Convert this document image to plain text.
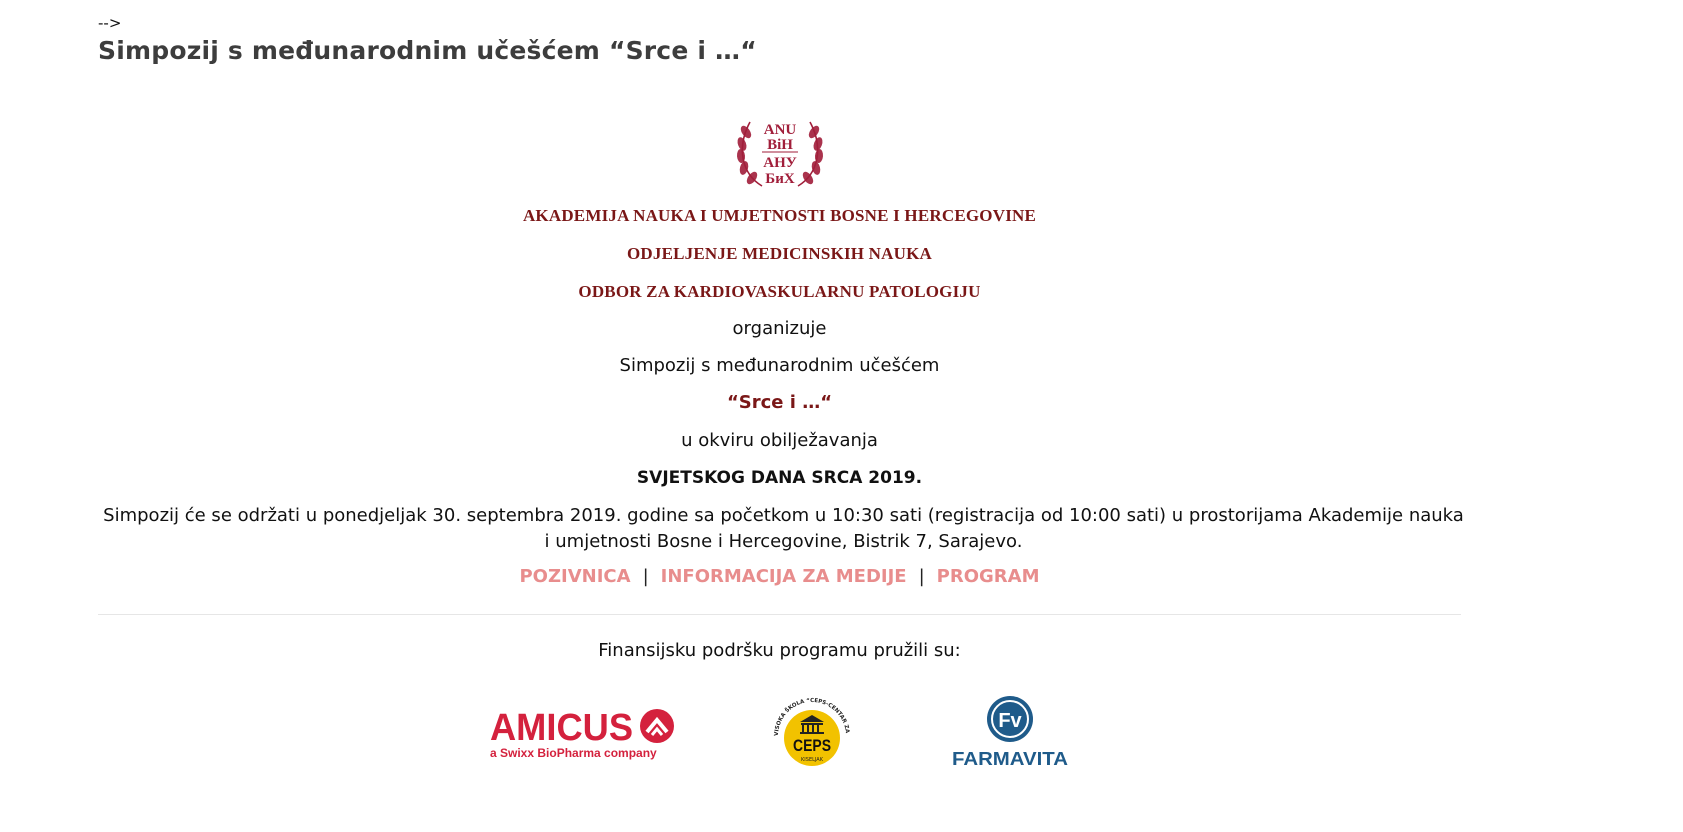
-->
Simpozij s međunarodnim učešćem “Srce i …“
ANU
BiH
АНУ
БиХ
AKADEMIJA NAUKA I UMJETNOSTI BOSNE I HERCEGOVINE
ODJELJENJE MEDICINSKIH NAUKA
ODBOR ZA KARDIOVASKULARNU PATOLOGIJU
organizuje
Simpozij s međunarodnim učešćem
“Srce i …“
u okviru obilježavanja
SVJETSKOG DANA SRCA 2019.
Simpozij će se održati u ponedjeljak 30. septembra 2019. godine sa početkom u 10:30 sati (registracija od 10:00 sati) u prostorijama Akademije nauka i umjetnosti Bosne i Hercegovine, Bistrik 7, Sarajevo.
POZIVNICA | INFORMACIJA ZA MEDIJE | PROGRAM
Finansijsku podršku programu pružili su:
AMICUS
a Swixx BioPharma company
VISOKA ŠKOLA “CEPS-CENTAR ZA
CEPS
KISELJAK
Fv
FARMAVITA
